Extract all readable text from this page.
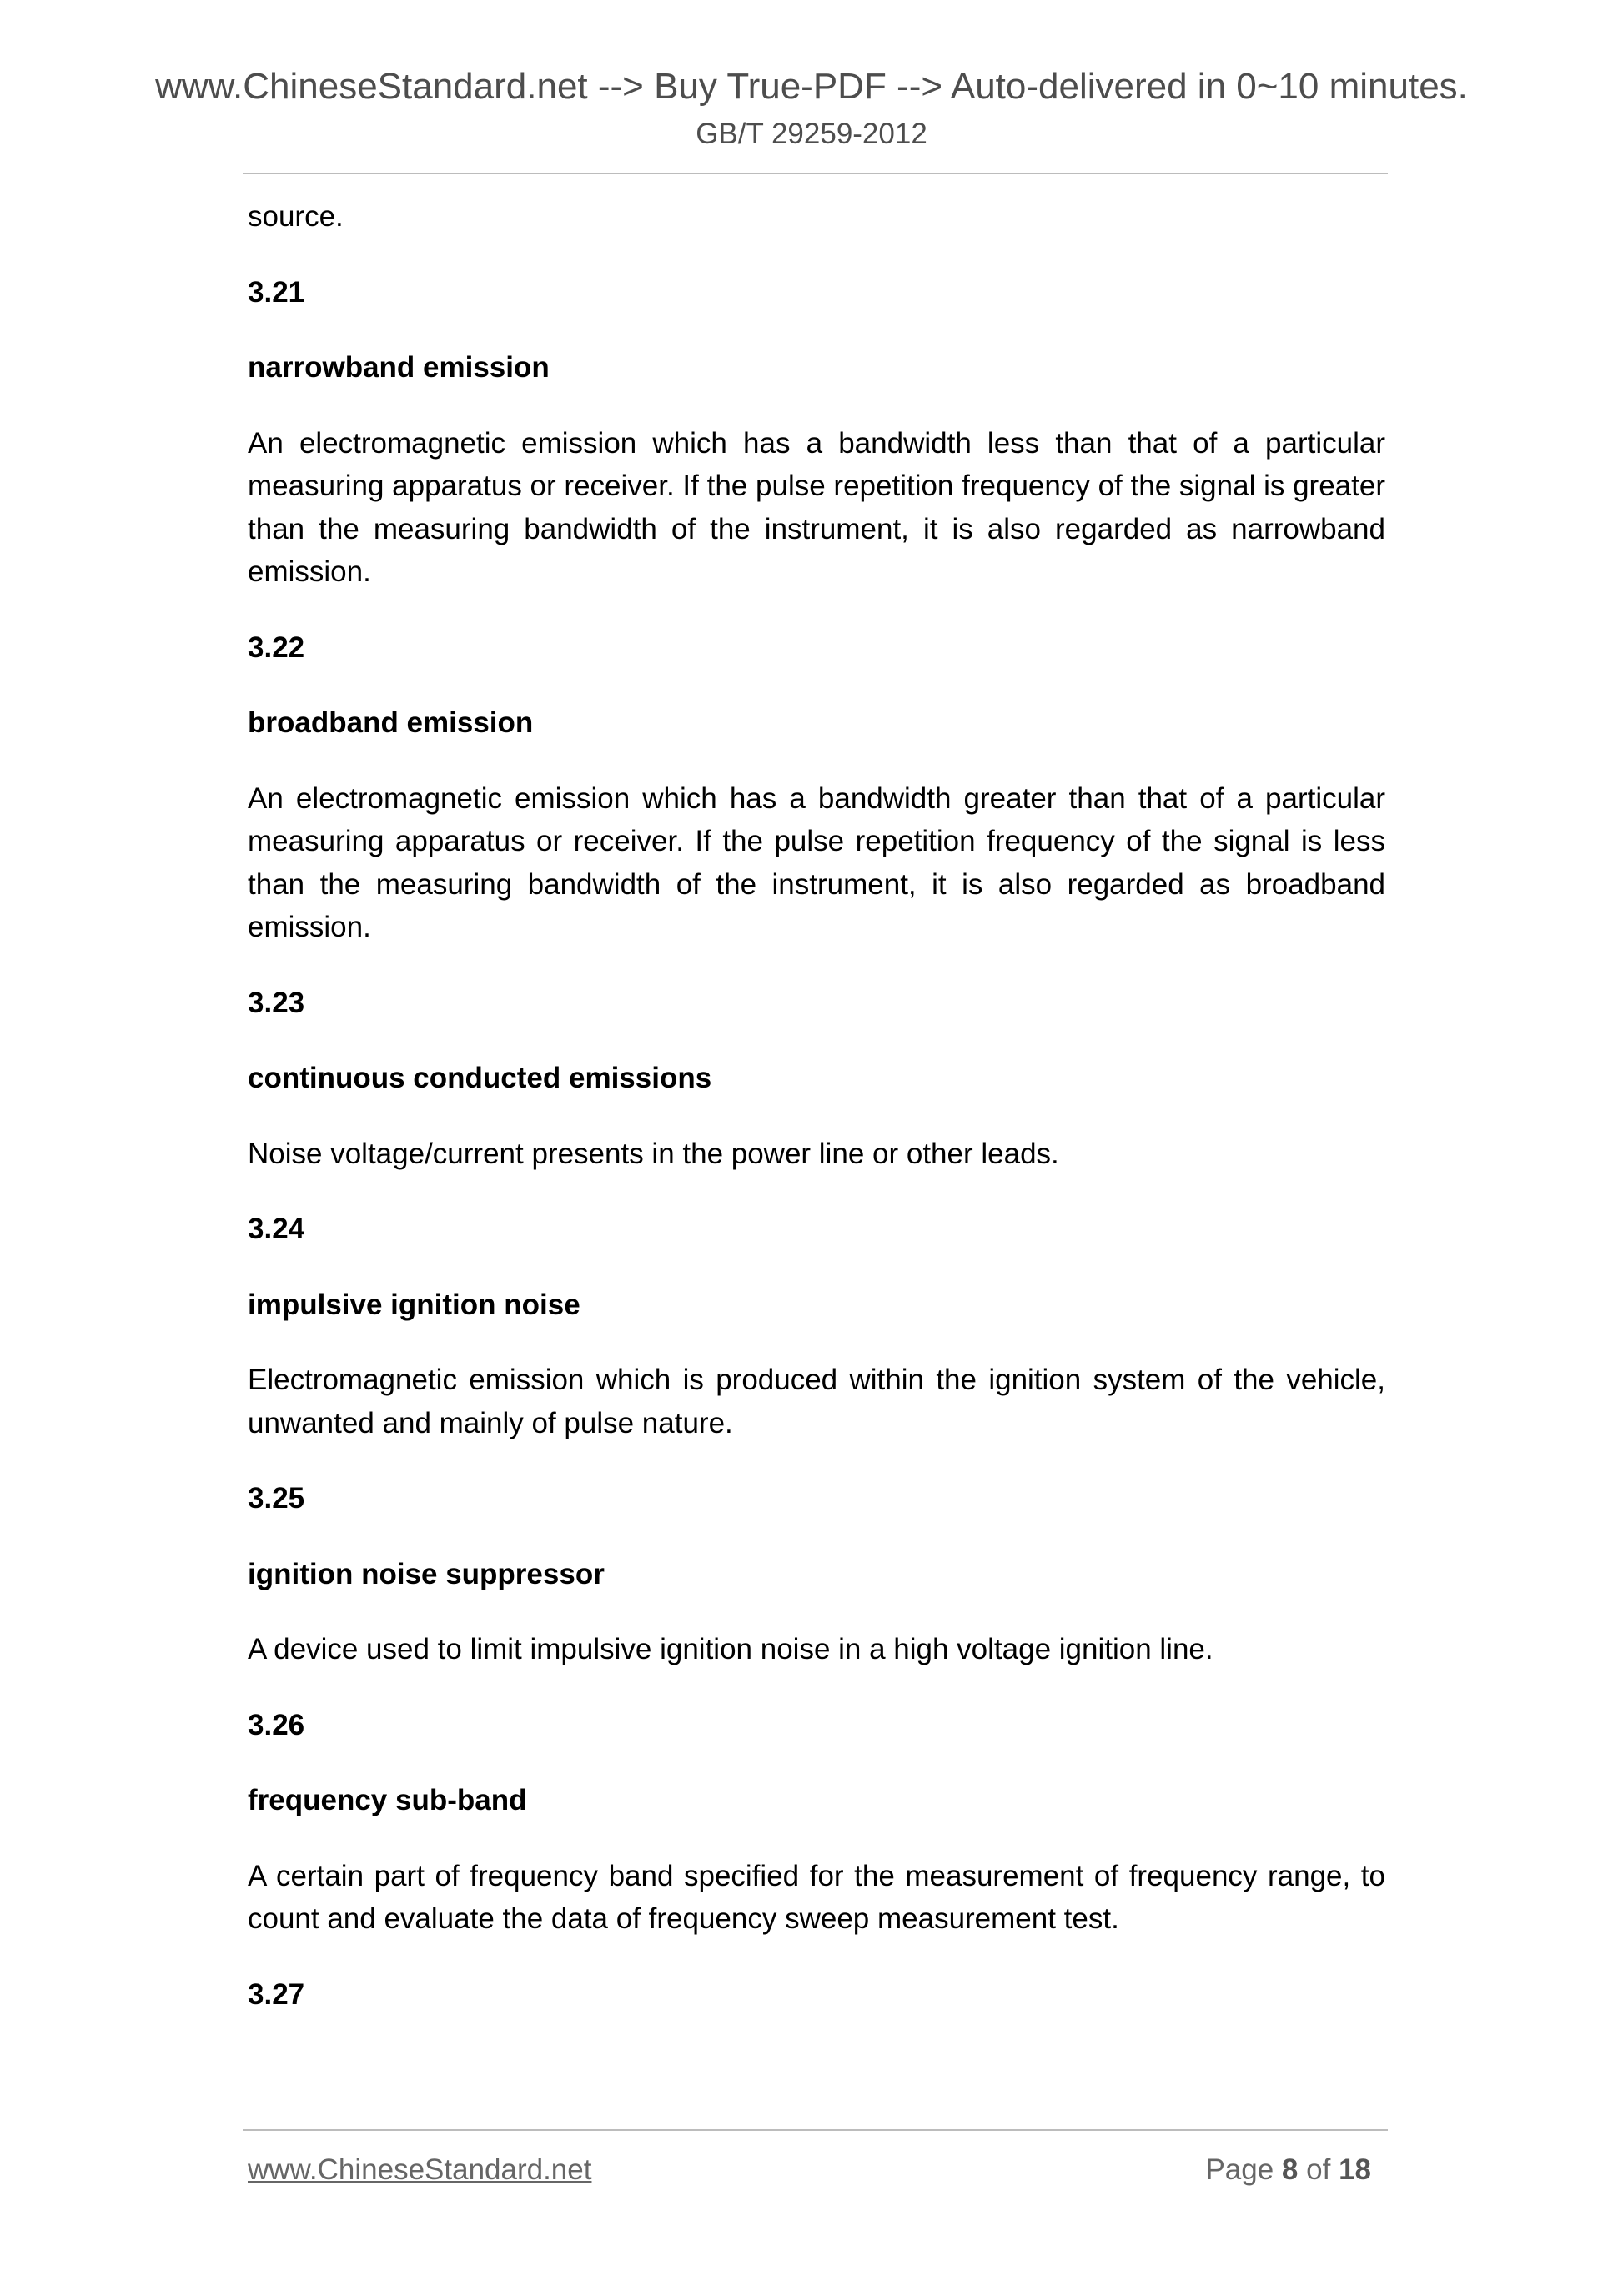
www.ChineseStandard.net --> Buy True-PDF --> Auto-delivered in 0~10 minutes.
GB/T 29259-2012

source.

3.21

narrowband emission

An electromagnetic emission which has a bandwidth less than that of a particular measuring apparatus or receiver. If the pulse repetition frequency of the signal is greater than the measuring bandwidth of the instrument, it is also regarded as narrowband emission.

3.22

broadband emission

An electromagnetic emission which has a bandwidth greater than that of a particular measuring apparatus or receiver. If the pulse repetition frequency of the signal is less than the measuring bandwidth of the instrument, it is also regarded as broadband emission.

3.23

continuous conducted emissions

Noise voltage/current presents in the power line or other leads.

3.24

impulsive ignition noise

Electromagnetic emission which is produced within the ignition system of the vehicle, unwanted and mainly of pulse nature.

3.25

ignition noise suppressor

A device used to limit impulsive ignition noise in a high voltage ignition line.

3.26

frequency sub-band

A certain part of frequency band specified for the measurement of frequency range, to count and evaluate the data of frequency sweep measurement test.

3.27

www.ChineseStandard.net	Page 8 of 18
